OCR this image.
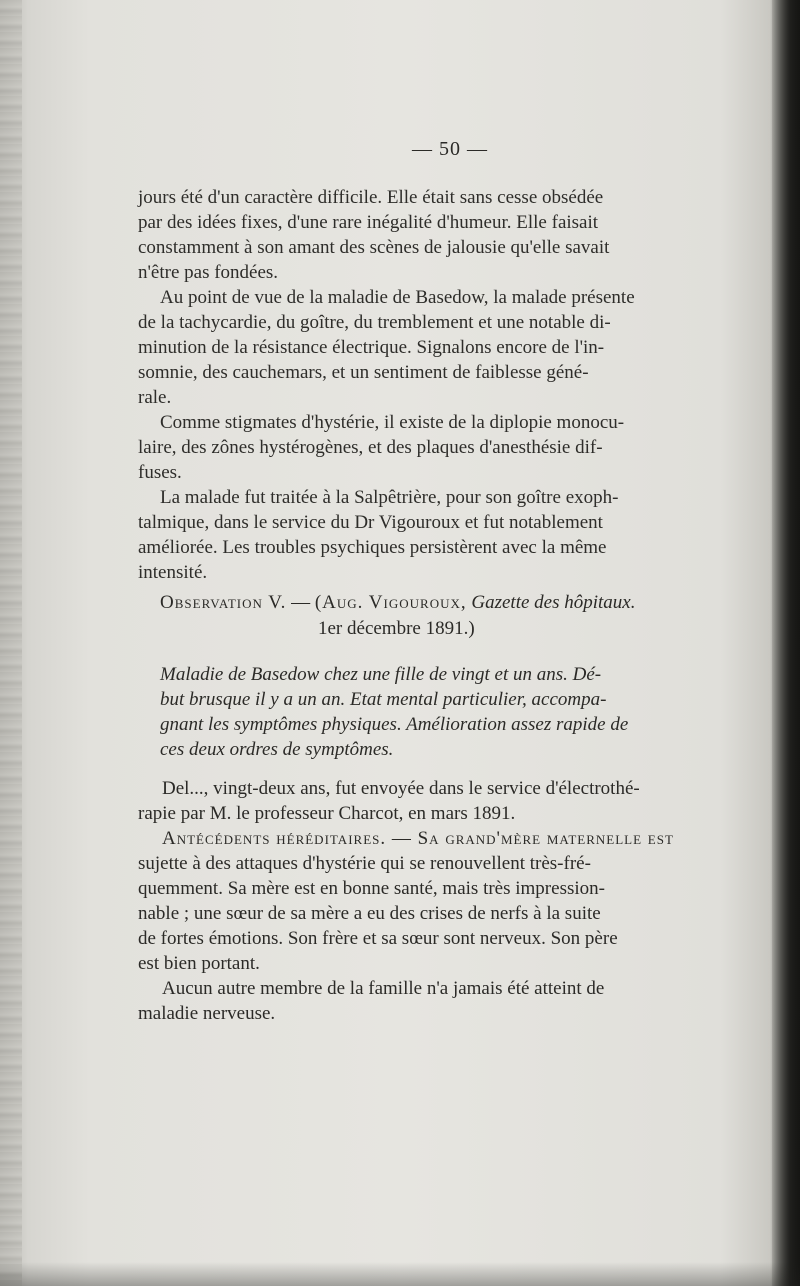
— 50 —
jours été d'un caractère difficile. Elle était sans cesse obsédée
par des idées fixes, d'une rare inégalité d'humeur. Elle faisait
constamment à son amant des scènes de jalousie qu'elle savait
n'être pas fondées.
Au point de vue de la maladie de Basedow, la malade présente
de la tachycardie, du goître, du tremblement et une notable di-
minution de la résistance électrique. Signalons encore de l'in-
somnie, des cauchemars, et un sentiment de faiblesse géné-
rale.
Comme stigmates d'hystérie, il existe de la diplopie monocu-
laire, des zônes hystérogènes, et des plaques d'anesthésie dif-
fuses.
La malade fut traitée à la Salpêtrière, pour son goître exoph-
talmique, dans le service du Dr Vigouroux et fut notablement
améliorée. Les troubles psychiques persistèrent avec la même
intensité.
Observation V. — (Aug. Vigouroux, Gazette des hôpitaux.
1er décembre 1891.)
Maladie de Basedow chez une fille de vingt et un ans. Dé-
but brusque il y a un an. Etat mental particulier, accompa-
gnant les symptômes physiques. Amélioration assez rapide de
ces deux ordres de symptômes.
Del..., vingt-deux ans, fut envoyée dans le service d'électrothé-
rapie par M. le professeur Charcot, en mars 1891.
Antécédents héréditaires. — Sa grand'mère maternelle est
sujette à des attaques d'hystérie qui se renouvellent très-fré-
quemment. Sa mère est en bonne santé, mais très impression-
nable ; une sœur de sa mère a eu des crises de nerfs à la suite
de fortes émotions. Son frère et sa sœur sont nerveux. Son père
est bien portant.
Aucun autre membre de la famille n'a jamais été atteint de
maladie nerveuse.
